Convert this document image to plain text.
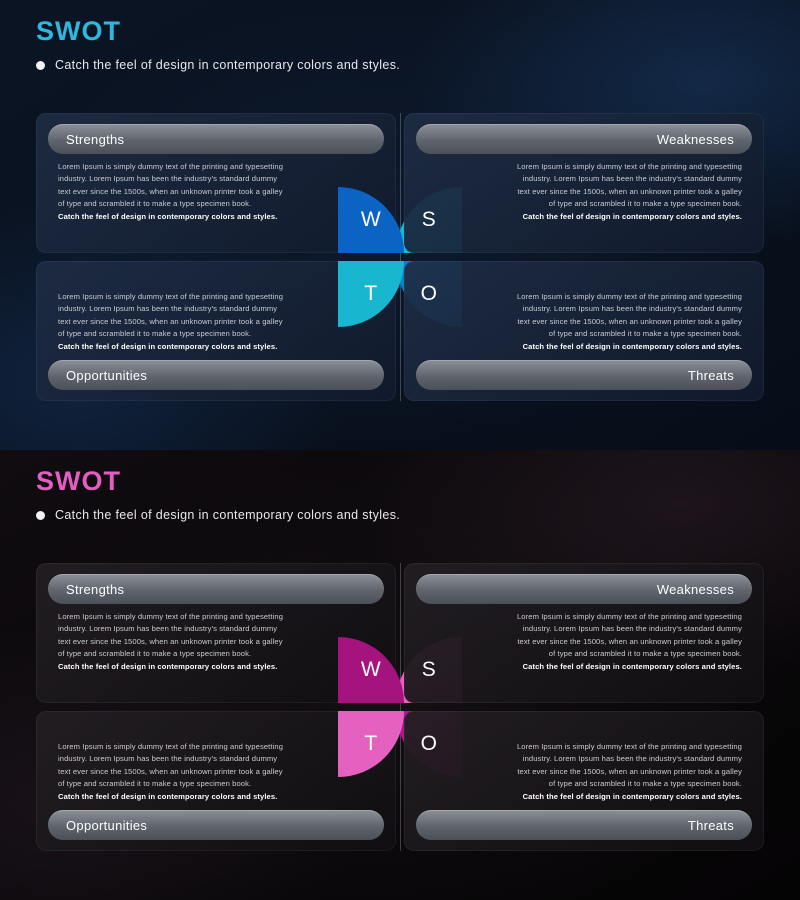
SWOT
Catch the feel of design in contemporary colors and styles.
Strengths
Lorem Ipsum is simply dummy text of the printing and typesetting industry. Lorem Ipsum has been the industry's standard dummy text ever since the 1500s, when an unknown printer took a galley of type and scrambled it to make a type specimen book.
Catch the feel of design in contemporary colors and styles.	S
Weaknesses
Lorem Ipsum is simply dummy text of the printing and typesetting industry. Lorem Ipsum has been the industry's standard dummy text ever since the 1500s, when an unknown printer took a galley of type and scrambled it to make a type specimen book.
Catch the feel of design in contemporary colors and styles.
W
Lorem Ipsum is simply dummy text of the printing and typesetting industry. Lorem Ipsum has been the industry's standard dummy text ever since the 1500s, when an unknown printer took a galley of type and scrambled it to make a type specimen book.
Catch the feel of design in contemporary colors and styles.
Opportunities
O	Lorem Ipsum is simply dummy text of the printing and typesetting industry. Lorem Ipsum has been the industry's standard dummy text ever since the 1500s, when an unknown printer took a galley of type and scrambled it to make a type specimen book.
Catch the feel of design in contemporary colors and styles.
Threats
T
SWOT
Catch the feel of design in contemporary colors and styles.
Strengths
Lorem Ipsum is simply dummy text of the printing and typesetting industry. Lorem Ipsum has been the industry's standard dummy text ever since the 1500s, when an unknown printer took a galley of type and scrambled it to make a type specimen book.
Catch the feel of design in contemporary colors and styles.	S
Weaknesses
Lorem Ipsum is simply dummy text of the printing and typesetting industry. Lorem Ipsum has been the industry's standard dummy text ever since the 1500s, when an unknown printer took a galley of type and scrambled it to make a type specimen book.
Catch the feel of design in contemporary colors and styles.
W
Lorem Ipsum is simply dummy text of the printing and typesetting industry. Lorem Ipsum has been the industry's standard dummy text ever since the 1500s, when an unknown printer took a galley of type and scrambled it to make a type specimen book.
Catch the feel of design in contemporary colors and styles.
Opportunities
O	Lorem Ipsum is simply dummy text of the printing and typesetting industry. Lorem Ipsum has been the industry's standard dummy text ever since the 1500s, when an unknown printer took a galley of type and scrambled it to make a type specimen book.
Catch the feel of design in contemporary colors and styles.
Threats
T
